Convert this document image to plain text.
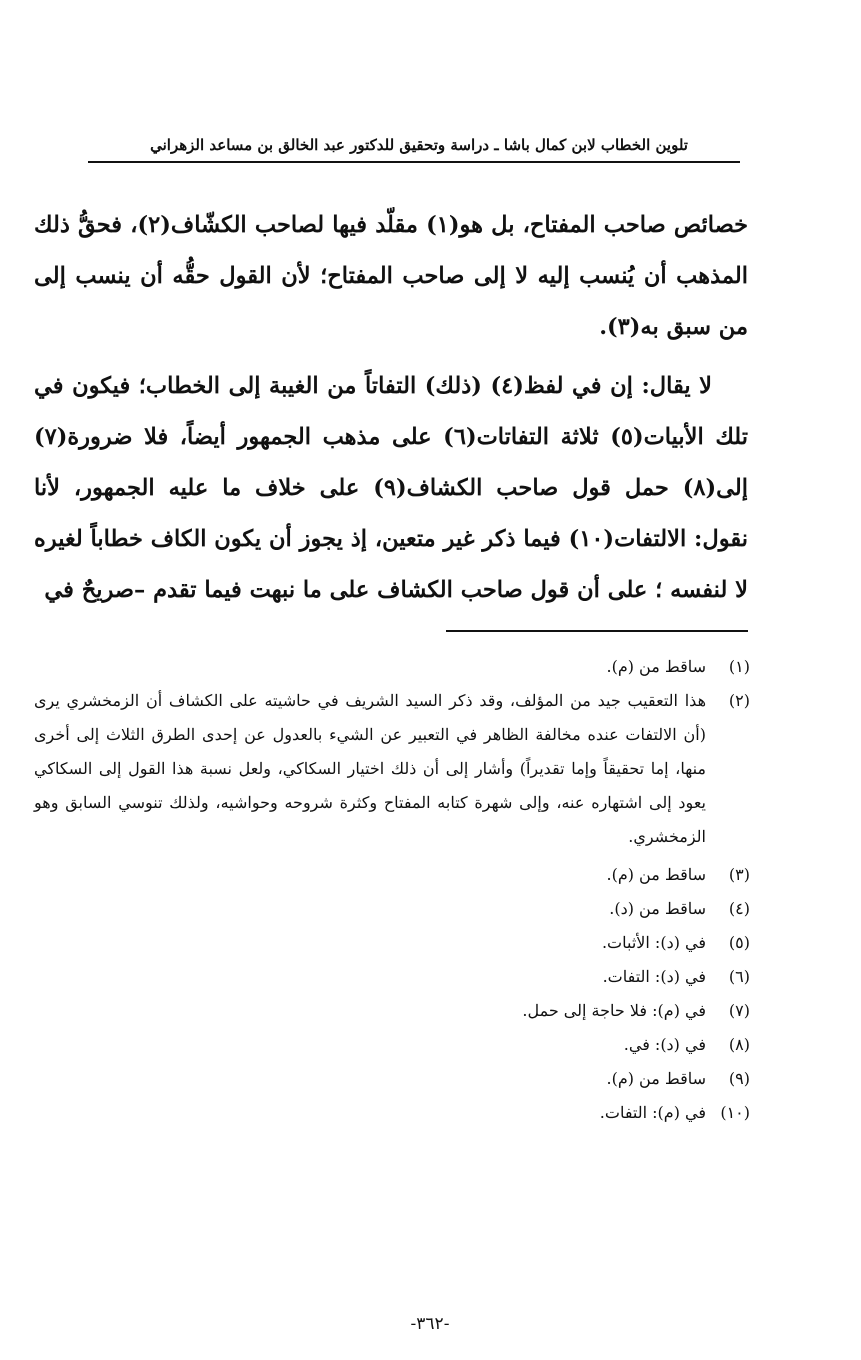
تلوين الخطاب لابن كمال باشا ـ دراسة وتحقيق للدكتور عبد الخالق بن مساعد الزهراني

خصائص صاحب المفتاح، بل هو(١) مقلّد فيها لصاحب الكشّاف(٢)، فحقُّ ذلك المذهب أن يُنسب إليه لا إلى صاحب المفتاح؛ لأن القول حقُّه أن ينسب إلى من سبق به(٣).

لا يقال: إن في لفظ(٤) (ذلك) التفاتاً من الغيبة إلى الخطاب؛ فيكون في تلك الأبيات(٥) ثلاثة التفاتات(٦) على مذهب الجمهور أيضاً، فلا ضرورة(٧) إلى(٨) حمل قول صاحب الكشاف(٩) على خلاف ما عليه الجمهور، لأنا نقول: الالتفات(١٠) فيما ذكر غير متعين، إذ يجوز أن يكون الكاف خطاباً لغيره لا لنفسه ؛ على أن قول صاحب الكشاف على ما نبهت فيما تقدم –صريحٌ في

(١)
ساقط من (م).
(٢)
هذا التعقيب جيد من المؤلف، وقد ذكر السيد الشريف في حاشيته على الكشاف أن الزمخشري يرى (أن الالتفات عنده مخالفة الظاهر في التعبير عن الشيء بالعدول عن إحدى الطرق الثلاث إلى أخرى منها، إما تحقيقاً وإما تقديراً) وأشار إلى أن ذلك اختيار السكاكي، ولعل نسبة هذا القول إلى السكاكي يعود إلى اشتهاره عنه، وإلى شهرة كتابه المفتاح وكثرة شروحه وحواشيه، ولذلك تنوسي السابق وهو الزمخشري.
(٣)
ساقط من (م).
(٤)
ساقط من (د).
(٥)
في (د): الأثبات.
(٦)
في (د): التفات.
(٧)
في (م): فلا حاجة إلى حمل.
(٨)
في (د): في.
(٩)
ساقط من (م).
(١٠)
في (م): التفات.
-٣٦٢-
